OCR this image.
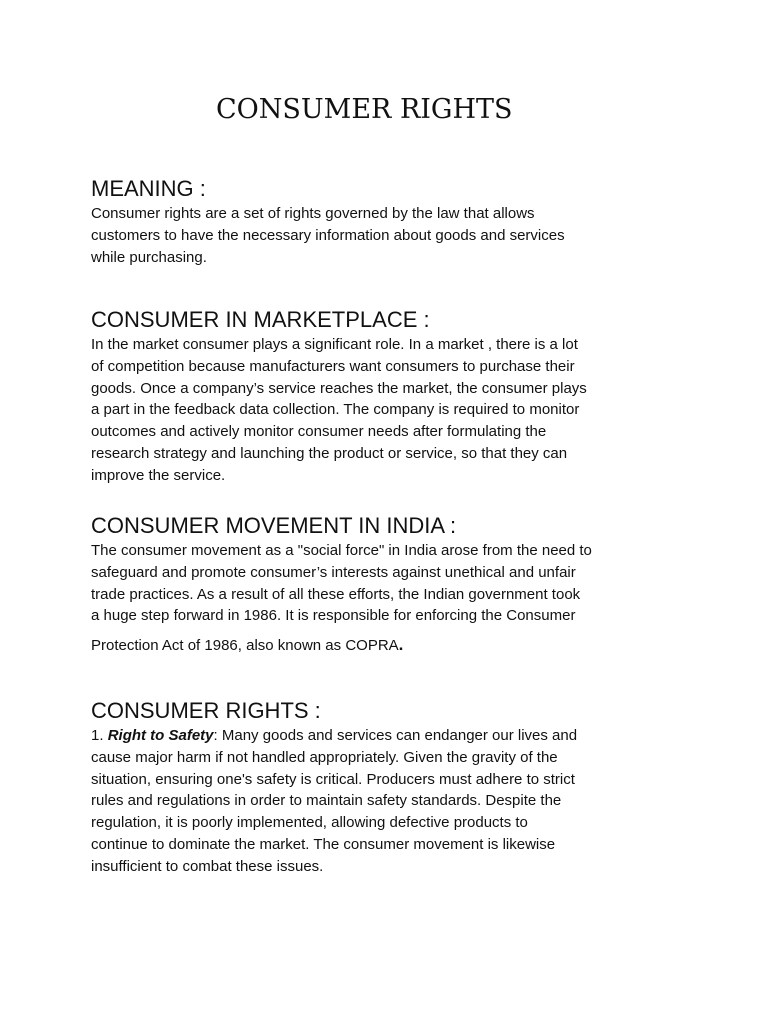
CONSUMER RIGHTS
MEANING :

Consumer rights are a set of rights governed by the law that allows
customers to have the necessary information about goods and services
while purchasing.

CONSUMER IN MARKETPLACE :

In the market consumer plays a significant role. In a market , there is a lot
of competition because manufacturers want consumers to purchase their
goods. Once a company’s service reaches the market, the consumer plays
a part in the feedback data collection. The company is required to monitor
outcomes and actively monitor consumer needs after formulating the
research strategy and launching the product or service, so that they can
improve the service.

CONSUMER MOVEMENT IN INDIA :

The consumer movement as a "social force" in India arose from the need to
safeguard and promote consumer’s interests against unethical and unfair
trade practices. As a result of all these efforts, the Indian government took
a huge step forward in 1986. It is responsible for enforcing the Consumer
Protection Act of 1986, also known as COPRA.

CONSUMER RIGHTS :

1. Right to Safety: Many goods and services can endanger our lives and
cause major harm if not handled appropriately. Given the gravity of the
situation, ensuring one's safety is critical. Producers must adhere to strict
rules and regulations in order to maintain safety standards. Despite the
regulation, it is poorly implemented, allowing defective products to
continue to dominate the market. The consumer movement is likewise
insufficient to combat these issues.
